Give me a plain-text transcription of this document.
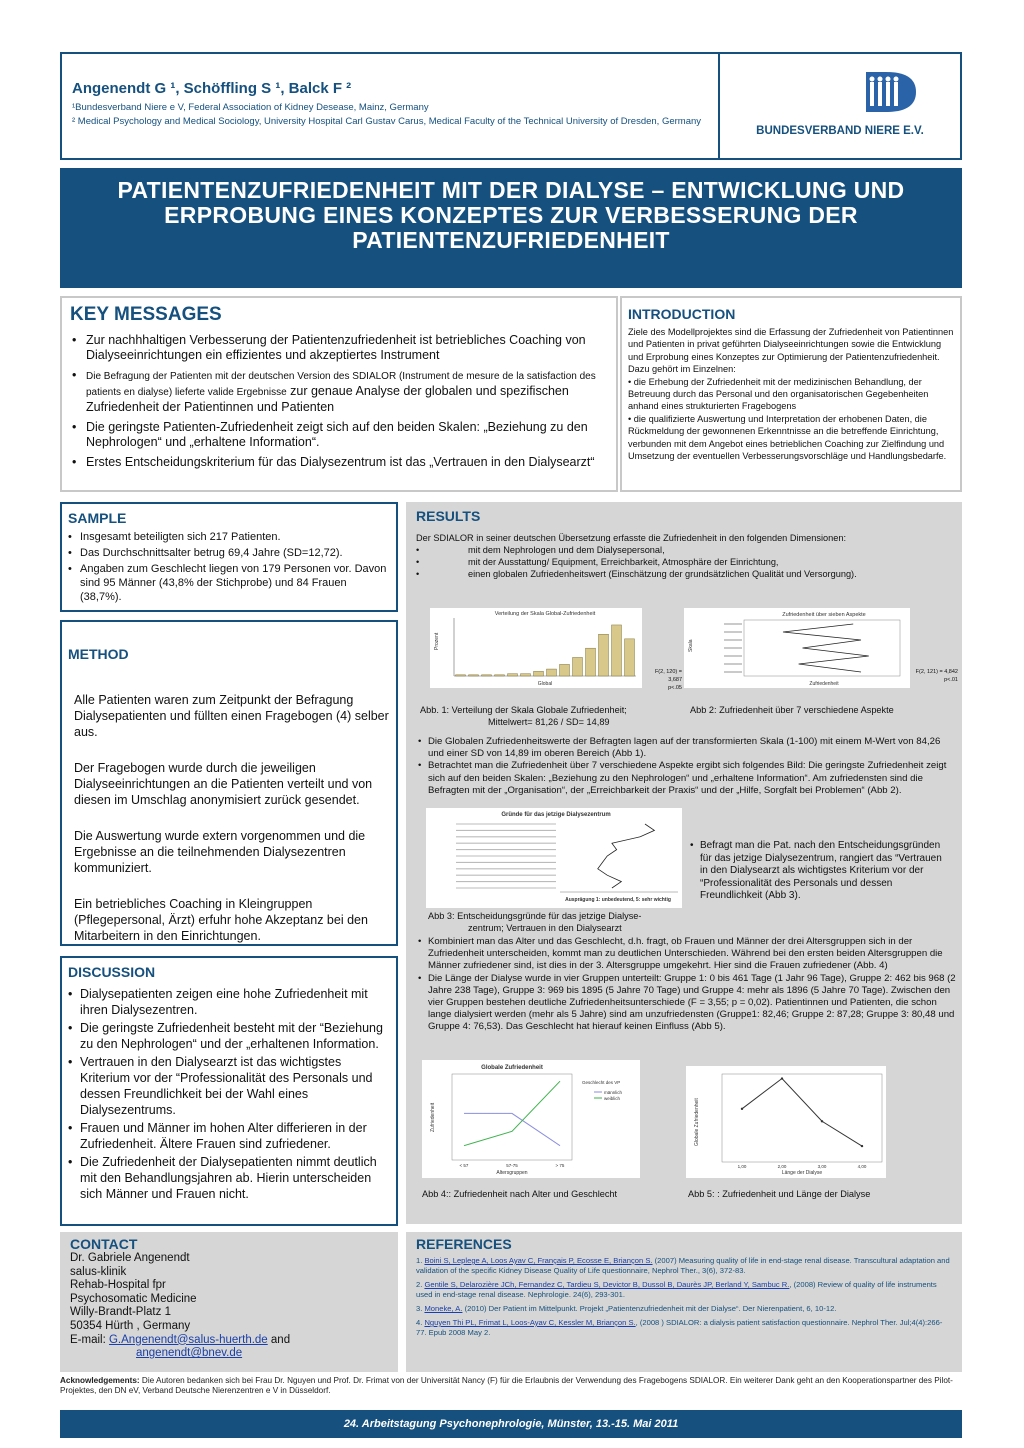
Angenendt G ¹, Schöffling S ¹, Balck F ²
¹Bundesverband Niere e V, Federal Association of Kidney Desease, Mainz, Germany
² Medical Psychology and Medical Sociology, University Hospital Carl Gustav Carus, Medical Faculty of the Technical University of Dresden, Germany
BUNDESVERBAND NIERE E.V.
PATIENTENZUFRIEDENHEIT MIT DER DIALYSE – ENTWICKLUNG UND
ERPROBUNG EINES KONZEPTES ZUR VERBESSERUNG DER
PATIENTENZUFRIEDENHEIT
KEY MESSAGES
• Zur nachhhaltigen Verbesserung der Patientenzufriedenheit ist betriebliches Coaching von Dialyseeinrichtungen ein effizientes und akzeptiertes Instrument
• Die Befragung der Patienten mit der deutschen Version des SDIALOR (Instrument de mesure de la satisfaction des patients en dialyse) lieferte valide Ergebnisse zur genaue Analyse der globalen und spezifischen Zufriedenheit der Patientinnen und Patienten
• Die geringste Patienten-Zufriedenheit zeigt sich auf den beiden Skalen: „Beziehung zu den Nephrologen“ und „erhaltene Information“.
• Erstes Entscheidungskriterium für das Dialysezentrum ist das „Vertrauen in den Dialysearzt“
INTRODUCTION

Ziele des Modellprojektes sind die Erfassung der Zufriedenheit von Patientinnen und Patienten in privat geführten Dialyseeinrichtungen sowie die Entwicklung und Erprobung eines Konzeptes zur Optimierung der Patientenzufriedenheit. Dazu gehört im Einzelnen:

• die Erhebung der Zufriedenheit mit der medizinischen Behandlung, der Betreuung durch das Personal und den organisatorischen Gegebenheiten anhand eines strukturierten Fragebogens

• die qualifizierte Auswertung und Interpretation der erhobenen Daten, die Rückmeldung der gewonnenen Erkenntnisse an die betreffende Einrichtung, verbunden mit dem Angebot eines betrieblichen Coaching zur Zielfindung und Umsetzung der eventuellen Verbesserungsvorschläge und Handlungsbedarfe.

SAMPLE
• Insgesamt beteiligten sich 217 Patienten.
• Das Durchschnittsalter betrug 69,4 Jahre (SD=12,72).
• Angaben zum Geschlecht liegen von 179 Personen vor. Davon sind 95 Männer (43,8% der Stichprobe) und 84 Frauen (38,7%).
METHOD

Alle Patienten waren zum Zeitpunkt der Befragung Dialysepatienten und füllten einen Fragebogen (4) selber aus.

Der Fragebogen wurde durch die jeweiligen Dialyseeinrichtungen an die Patienten verteilt und von diesen im Umschlag anonymisiert zurück gesendet.

Die Auswertung wurde extern vorgenommen und die Ergebnisse an die teilnehmenden Dialysezentren kommuniziert.

Ein betriebliches Coaching in Kleingruppen (Pflegepersonal, Ärzt) erfuhr hohe Akzeptanz bei den Mitarbeitern in den Einrichtungen.

DISCUSSION
• Dialysepatienten zeigen eine hohe Zufriedenheit mit ihren Dialysezentren.
• Die geringste Zufriedenheit besteht mit der “Beziehung zu den Nephrologen“ und der „erhaltenen Information.
• Vertrauen in den Dialysearzt ist das wichtigstes Kriterium vor der “Professionalität des Personals und dessen Freundlichkeit bei der Wahl eines Dialysezentrums.
• Frauen und Männer im hohen Alter differieren in der Zufriedenheit. Ältere Frauen sind zufriedener.
• Die Zufriedenheit der Dialysepatienten nimmt deutlich mit den Behandlungsjahren ab. Hierin unterscheiden sich Männer und Frauen nicht.
CONTACT

Dr. Gabriele Angenendt

salus-klinik

Rehab-Hospital fpr

Psychosomatic Medicine

Willy-Brandt-Platz 1

50354 Hürth , Germany

E-mail: G.Angenendt@salus-huerth.de and

angenendt@bnev.de

RESULTS
Der SDIALOR in seiner deutschen Übersetzung erfasste die Zufriedenheit in den folgenden Dimensionen:
•	mit dem Nephrologen und dem Dialysepersonal,
•	mit der Ausstattung/ Equipment, Erreichbarkeit, Atmosphäre der Einrichtung,
•	einen globalen Zufriedenheitswert (Einschätzung der grundsätzlichen Qualität und Versorgung).
Verteilung der Skala Global-Zufriedenheit
Global
Prozent
F(2, 120) = 3,687
p<.05
Zufriedenheit über sieben Aspekte
Zufriedenheit
Skala
F(2, 121) = 4,842
p<.01
Abb. 1: Verteilung der Skala Globale Zufriedenheit;
Mittelwert= 81,26 / SD= 14,89
Abb 2: Zufriedenheit über 7 verschiedene Aspekte
• Die Globalen Zufriedenheitswerte der Befragten lagen auf der transformierten Skala (1-100) mit einem M-Wert von 84,26 und einer SD von 14,89 im oberen Bereich (Abb 1).
• Betrachtet man die Zufriedenheit über 7 verschiedene Aspekte ergibt sich folgendes Bild: Die geringste Zufriedenheit zeigt sich auf den beiden Skalen: „Beziehung zu den Nephrologen“ und „erhaltene Information“. Am zufriedensten sind die Befragten mit der „Organisation“, der „Erreichbarkeit der Praxis“ und der „Hilfe, Sorgfalt bei Problemen“ (Abb 2).
Gründe für das jetzige Dialysezentrum
Ausprägung 1: unbedeutend, 5: sehr wichtig
Abb 3: Entscheidungsgründe für das jetzige Dialyse-
zentrum; Vertrauen in den Dialysearzt
• Befragt man die Pat. nach den Entscheidungsgründen für das jetzige Dialysezentrum, rangiert das “Vertrauen in den Dialysearzt als wichtigstes Kriterium vor der “Professionalität des Personals und dessen Freundlichkeit (Abb 3).
• Kombiniert man das Alter und das Geschlecht, d.h. fragt, ob Frauen und Männer der drei Altersgruppen sich in der Zufriedenheit unterscheiden, kommt man zu deutlichen Unterschieden. Während bei den ersten beiden Altersgruppen die Männer zufriedener sind, ist dies in der 3. Altersgruppe umgekehrt. Hier sind die Frauen zufriedener (Abb. 4)
• Die Länge der Dialyse wurde in vier Gruppen unterteilt: Gruppe 1: 0 bis 461 Tage (1 Jahr 96 Tage), Gruppe 2: 462 bis 968 (2 Jahre 238 Tage), Gruppe 3: 969 bis 1895 (5 Jahre 70 Tage) und Gruppe 4: mehr als 1896 (5 Jahre 70 Tage). Zwischen den vier Gruppen bestehen deutliche Zufriedenheitsunterschiede (F = 3,55; p = 0,02). Patientinnen und Patienten, die schon lange dialysiert werden (mehr als 5 Jahre) sind am unzufriedensten (Gruppe1: 82,46; Gruppe 2: 87,28; Gruppe 3: 80,48 und Gruppe 4: 76,53). Das Geschlecht hat hierauf keinen Einfluss (Abb 5).
Globale Zufriedenheit
männlich
weiblich
Geschlecht des VP
< 57	57-75	> 75
Altersgruppen
Zufriedenheit
1,00	2,00	3,00	4,00
Länge der Dialyse
Globale Zufriedenheit
Abb 4:: Zufriedenheit nach Alter und Geschlecht	Abb 5: : Zufriedenheit und Länge der Dialyse
REFERENCES

1. Boini S, Leplege A, Loos Ayav C, Français P, Ecosse E, Briançon S. (2007) Measuring quality of life in end-stage renal disease. Transcultural adaptation and validation of the specific Kidney Disease Quality of Life questionnaire, Nephrol Ther., 3(6), 372-83.

2. Gentile S, Delarozière JCh, Fernandez C, Tardieu S, Devictor B, Dussol B, Daurès JP, Berland Y, Sambuc R., (2008) Review of quality of life instruments used in end-stage renal disease. Nephrologie. 24(6), 293-301.

3. Moneke, A. (2010) Der Patient im Mittelpunkt. Projekt „Patientenzufriedenheit mit der Dialyse“. Der Nierenpatient, 6, 10-12.

4. Nguyen Thi PL, Frimat L, Loos-Ayav C, Kessler M, Briançon S., (2008 ) SDIALOR: a dialysis patient satisfaction questionnaire. Nephrol Ther. Jul;4(4):266-77. Epub 2008 May 2.

Acknowledgements: Die Autoren bedanken sich bei Frau Dr. Nguyen und Prof. Dr. Frimat von der Universität Nancy (F) für die Erlaubnis der Verwendung des Fragebogens SDIALOR. Ein weiterer Dank geht an den Kooperationspartner des Pilot-Projektes, den DN eV, Verband Deutsche Nierenzentren e V in Düsseldorf.
24. Arbeitstagung Psychonephrologie, Münster, 13.-15. Mai 2011
